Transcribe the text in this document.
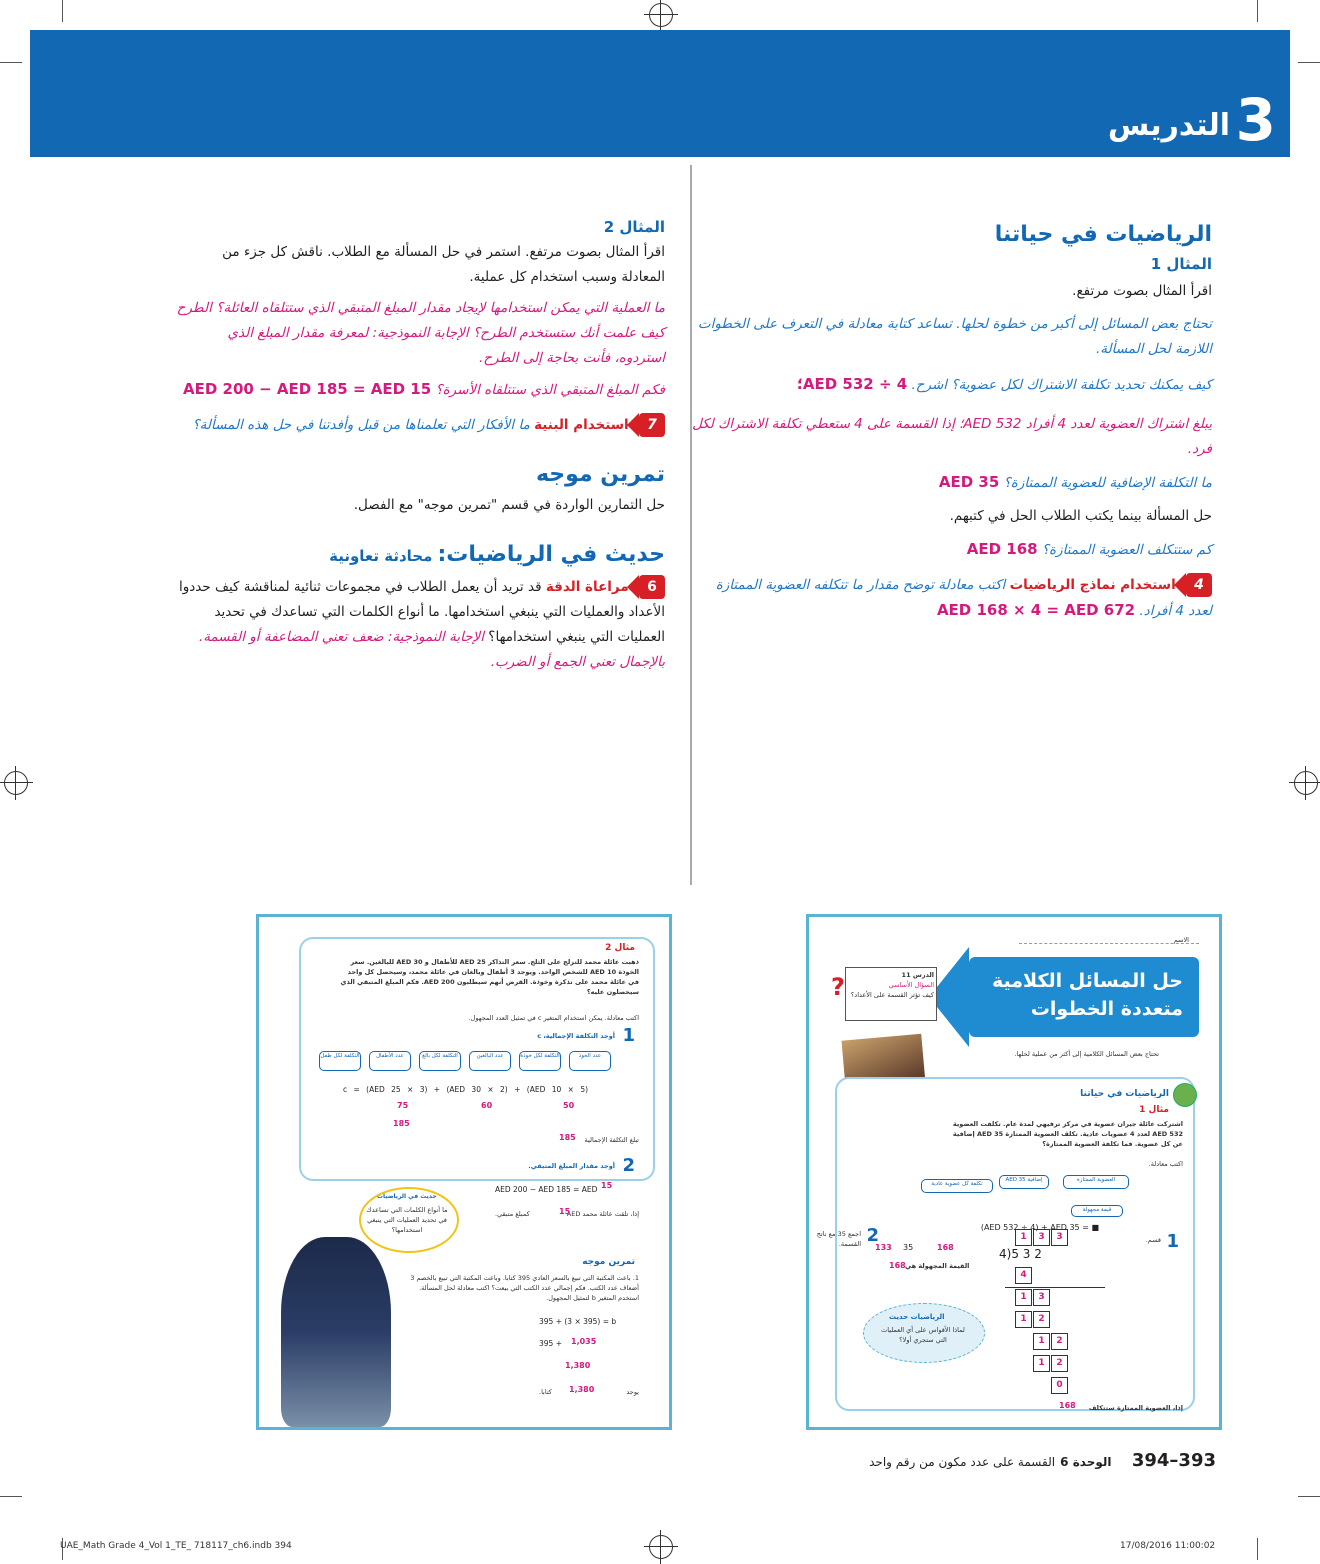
3
التدريس
الرياضيات في حياتنا
المثال 1
اقرأ المثال بصوت مرتفع.
تحتاج بعض المسائل إلى أكبر من خطوة لحلها. تساعد كتابة معادلة في التعرف على الخطوات اللازمة لحل المسألة.
كيف يمكنك تحديد تكلفة الاشتراك لكل عضوية؟ اشرح. AED 532 ÷ 4؛
يبلغ اشتراك العضوية لعدد 4 أفراد AED 532؛ إذا القسمة على 4 ستعطي تكلفة الاشتراك لكل فرد.
ما التكلفة الإضافية للعضوية الممتازة؟ AED 35
حل المسألة بينما يكتب الطلاب الحل في كتبهم.
كم ستتكلف العضوية الممتازة؟ AED 168
4 استخدام نماذج الرياضيات اكتب معادلة توضح مقدار ما تتكلفه العضوية الممتازة لعدد 4 أفراد. AED 168 × 4 = AED 672
المثال 2
اقرأ المثال بصوت مرتفع. استمر في حل المسألة مع الطلاب. ناقش كل جزء من المعادلة وسبب استخدام كل عملية.
ما العملية التي يمكن استخدامها لإيجاد مقدار المبلغ المتبقي الذي ستتلقاه العائلة؟ الطرح
كيف علمت أنك ستستخدم الطرح؟ الإجابة النموذجية: لمعرفة مقدار المبلغ الذي استردوه، فأنت بحاجة إلى الطرح.
فكم المبلغ المتبقي الذي ستتلقاه الأسرة؟ AED 200 − AED 185 = AED 15
7 استخدام البنية ما الأفكار التي تعلمناها من قبل وأفدتنا في حل هذه المسألة؟
تمرين موجه
حل التمارين الواردة في قسم "تمرين موجه" مع الفصل.
حديث في الرياضيات: محادثة تعاونية
6 مراعاة الدقة قد تريد أن يعمل الطلاب في مجموعات ثنائية لمناقشة كيف حددوا الأعداد والعمليات التي ينبغي استخدامها. ما أنواع الكلمات التي تساعدك في تحديد العمليات التي ينبغي استخدامها؟ الإجابة النموذجية: ضعف تعني المضاعفة أو القسمة.
بالإجمال تعني الجمع أو الضرب.
الاسم
حل المسائل الكلامية
متعددة الخطوات
الدرس 11
السؤال الأساسي
كيف تؤثر القسمة على الأعداد؟
?
تحتاج بعض المسائل الكلامية إلى أكثر من عملية لحلها.
الرياضيات في حياتنا
مثال 1
اشتركت عائلة جيران عضوية في مركز ترفيهي لمدة عام. تكلفت العضوية AED 532 لعدد 4 عضويات عادية. تكلف العضوية الممتازة AED 35 إضافية عن كل عضوية. فما تكلفة العضوية الممتازة؟
اكتب معادلة.
العضوية الممتازة
AED 35 إضافية
تكلفة كل عضوية عادية
قيمة مجهولة
(AED 532 ÷ 4) + AED 35 = ■
1
قسم.
2
اجمع 35 مع ناتج القسمة.
1	3	3
4)5 3 2
4
1	3
1	2
1	2
1	2
0
133 35	168
القيمة المجهولة هي
168
الرياضيات حديث
لماذا الأقواس على أي العمليات التي ستجري أولا؟
إذا، العضوية الممتازة ستتكلف
168
مثال 2
ذهبت عائلة محمد للتزلج على الثلج. سعر التذاكر AED 25 للأطفال و AED 30 للبالغين. سعر الخوذة AED 10 للشخص الواحد. ويوجد 3 أطفال وبالغان في عائلة محمد، وسيحصل كل واحد في عائلة محمد على تذكرة وخوذة. القرض أنهم سيطلبون AED 200. فكم المبلغ المتبقي الذي سيحصلون عليه؟
اكتب معادلة. يمكن استخدام المتغير c في تمثيل العدد المجهول.
1
أوجد التكلفة الإجمالية، c
عدد الخوذ
التكلفة لكل خوذة
عدد البالغين
التكلفة لكل بالغ
عدد الأطفال
التكلفة لكل طفل
c = (AED 25 × 3) + (AED 30 × 2) + (AED 10 × 5)
75	60	50
185
تبلغ التكلفة الإجمالية
185
2
أوجد مقدار المبلغ المتبقي.
AED 200 − AED 185 = AED 15
إذا، تلقت عائلة محمد AED
15
كمبلغ متبقي.
حديث في الرياضيات
ما أنواع الكلمات التي تساعدك في تحديد العمليات التي ينبغي استخدامها؟
تمرين موجه
1. باعت المكتبة التي تبيع بالسعر العادي 395 كتابا. وباعت المكتبة التي تبيع بالخصم 3 أضعاف عدد الكتب. فكم إجمالي عدد الكتب التي بيعت؟ اكتب معادلة لحل المسألة. استخدم المتغير b لتمثيل المجهول.
395 + (3 × 395) = b
395 + 1,035
1,380
يوجد
1,380
كتابا.
393–394    الوحدة 6 القسمة على عدد مكون من رقم واحد
UAE_Math Grade 4_Vol 1_TE_ 718117_ch6.indb 394	17/08/2016 11:00:02
